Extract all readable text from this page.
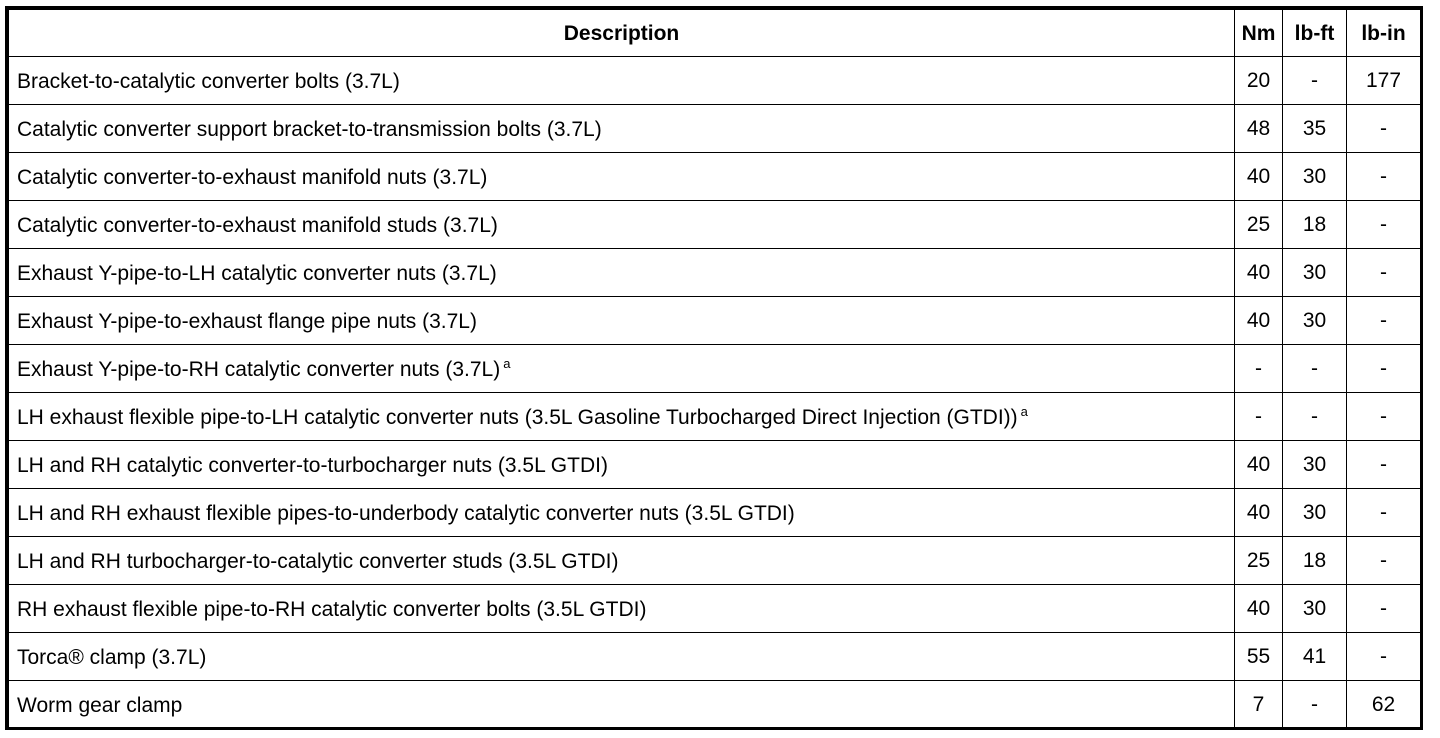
Description	Nm	lb-ft	lb-in
Bracket-to-catalytic converter bolts (3.7L)	20	-	177
Catalytic converter support bracket-to-transmission bolts (3.7L)	48	35	-
Catalytic converter-to-exhaust manifold nuts (3.7L)	40	30	-
Catalytic converter-to-exhaust manifold studs (3.7L)	25	18	-
Exhaust Y-pipe-to-LH catalytic converter nuts (3.7L)	40	30	-
Exhaust Y-pipe-to-exhaust flange pipe nuts (3.7L)	40	30	-
Exhaust Y-pipe-to-RH catalytic converter nuts (3.7L) $^a$	-	-	-
LH exhaust flexible pipe-to-LH catalytic converter nuts (3.5L Gasoline Turbocharged Direct Injection (GTDI)) $^a$	-	-	-
LH and RH catalytic converter-to-turbocharger nuts (3.5L GTDI)	40	30	-
LH and RH exhaust flexible pipes-to-underbody catalytic converter nuts (3.5L GTDI)	40	30	-
LH and RH turbocharger-to-catalytic converter studs (3.5L GTDI)	25	18	-
RH exhaust flexible pipe-to-RH catalytic converter bolts (3.5L GTDI)	40	30	-
Torca® clamp (3.7L)	55	41	-
Worm gear clamp	7	-	62
